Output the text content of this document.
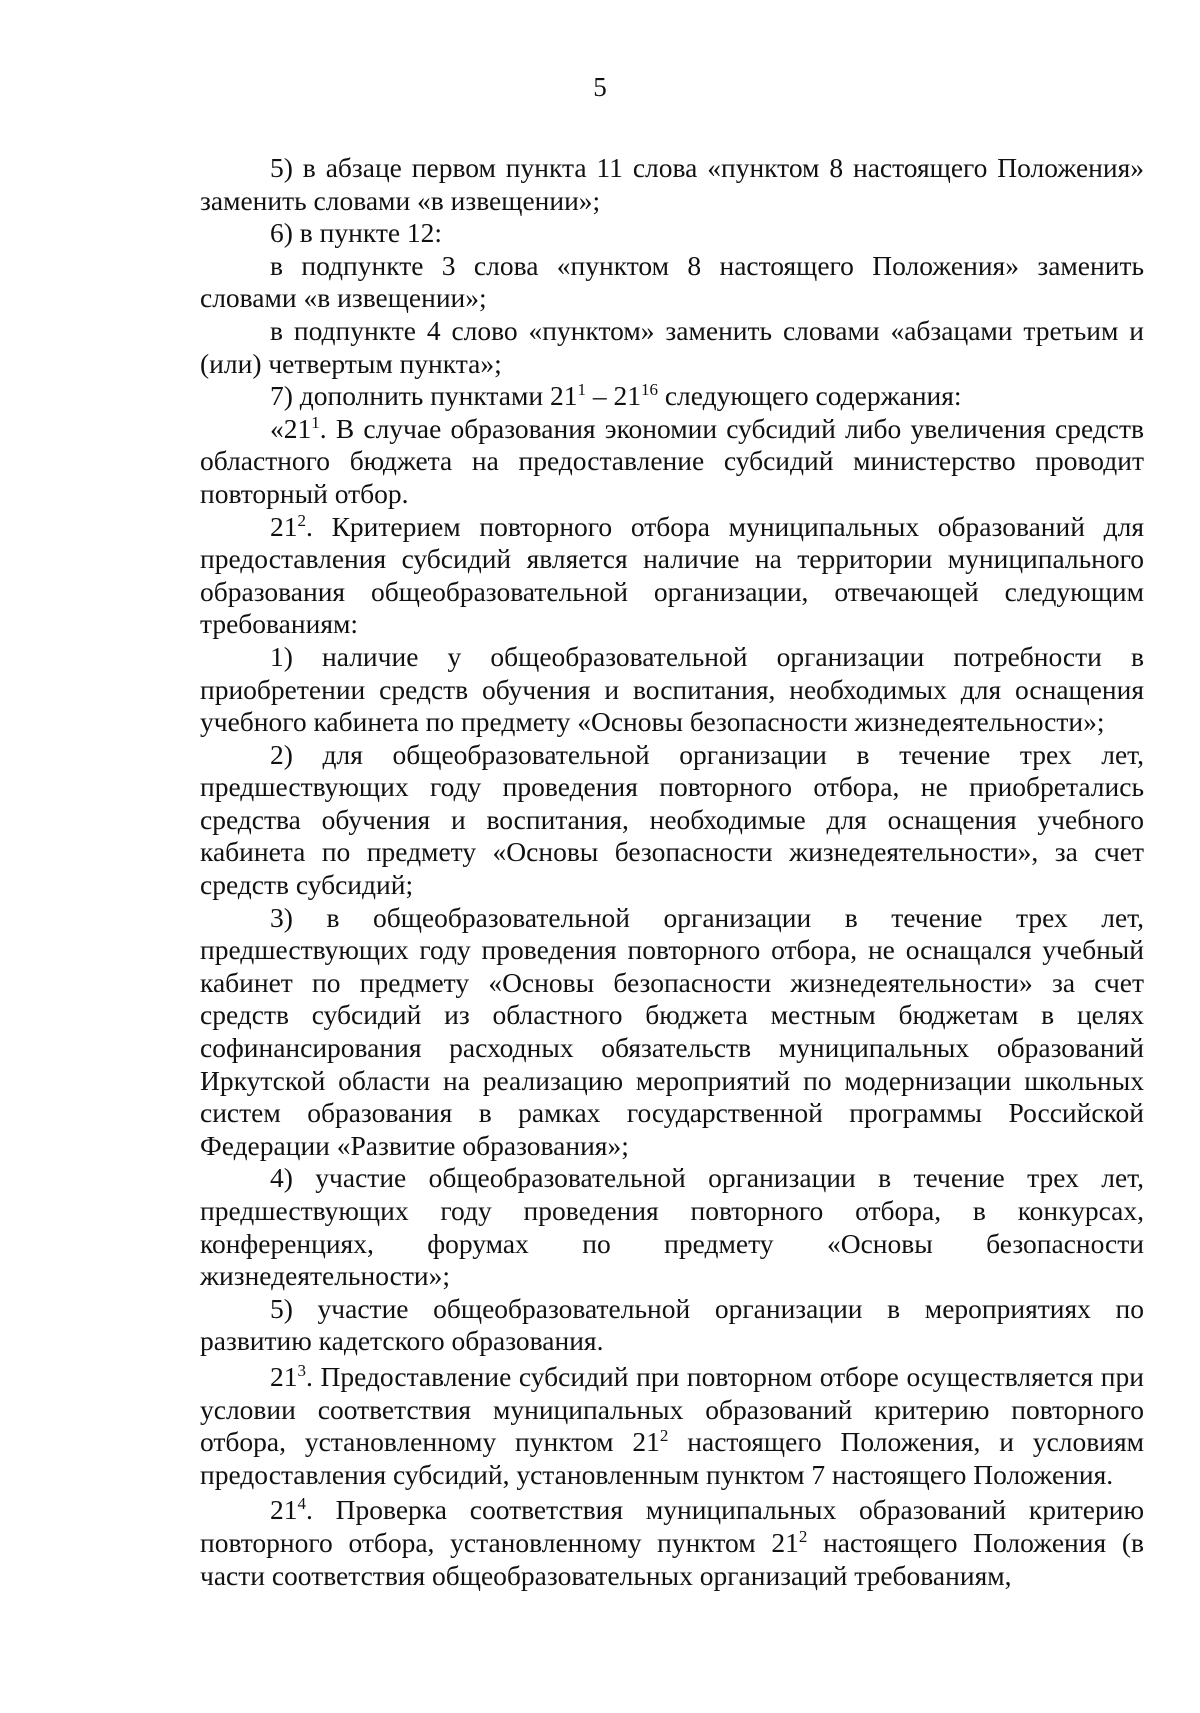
5

5) в абзаце первом пункта 11 слова «пунктом 8 настоящего Положения» заменить словами «в извещении»;

6) в пункте 12:

в подпункте 3 слова «пунктом 8 настоящего Положения» заменить словами «в извещении»;

в подпункте 4 слово «пунктом» заменить словами «абзацами третьим и (или) четвертым пункта»;

7) дополнить пунктами $21^1 - 21^{16}$ следующего содержания:

«$21^1$. В случае образования экономии субсидий либо увеличения средств областного бюджета на предоставление субсидий министерство проводит повторный отбор.

$21^2$. Критерием повторного отбора муниципальных образований для предоставления субсидий является наличие на территории муниципального образования общеобразовательной организации, отвечающей следующим требованиям:

1) наличие у общеобразовательной организации потребности в приобретении средств обучения и воспитания, необходимых для оснащения учебного кабинета по предмету «Основы безопасности жизнедеятельности»;

2) для общеобразовательной организации в течение трех лет, предшествующих году проведения повторного отбора, не приобретались средства обучения и воспитания, необходимые для оснащения учебного кабинета по предмету «Основы безопасности жизнедеятельности», за счет средств субсидий;

3) в общеобразовательной организации в течение трех лет, предшествующих году проведения повторного отбора, не оснащался учебный кабинет по предмету «Основы безопасности жизнедеятельности» за счет средств субсидий из областного бюджета местным бюджетам в целях софинансирования расходных обязательств муниципальных образований Иркутской области на реализацию мероприятий по модернизации школьных систем образования в рамках государственной программы Российской Федерации «Развитие образования»;

4) участие общеобразовательной организации в течение трех лет, предшествующих году проведения повторного отбора, в конкурсах, конференциях, форумах по предмету «Основы безопасности жизнедеятельности»;

5) участие общеобразовательной организации в мероприятиях по развитию кадетского образования.

$21^3$. Предоставление субсидий при повторном отборе осуществляется при условии соответствия муниципальных образований критерию повторного отбора, установленному пунктом $21^2$ настоящего Положения, и условиям предоставления субсидий, установленным пунктом 7 настоящего Положения.

$21^4$. Проверка соответствия муниципальных образований критерию повторного отбора, установленному пунктом $21^2$ настоящего Положения (в части соответствия общеобразовательных организаций требованиям,
